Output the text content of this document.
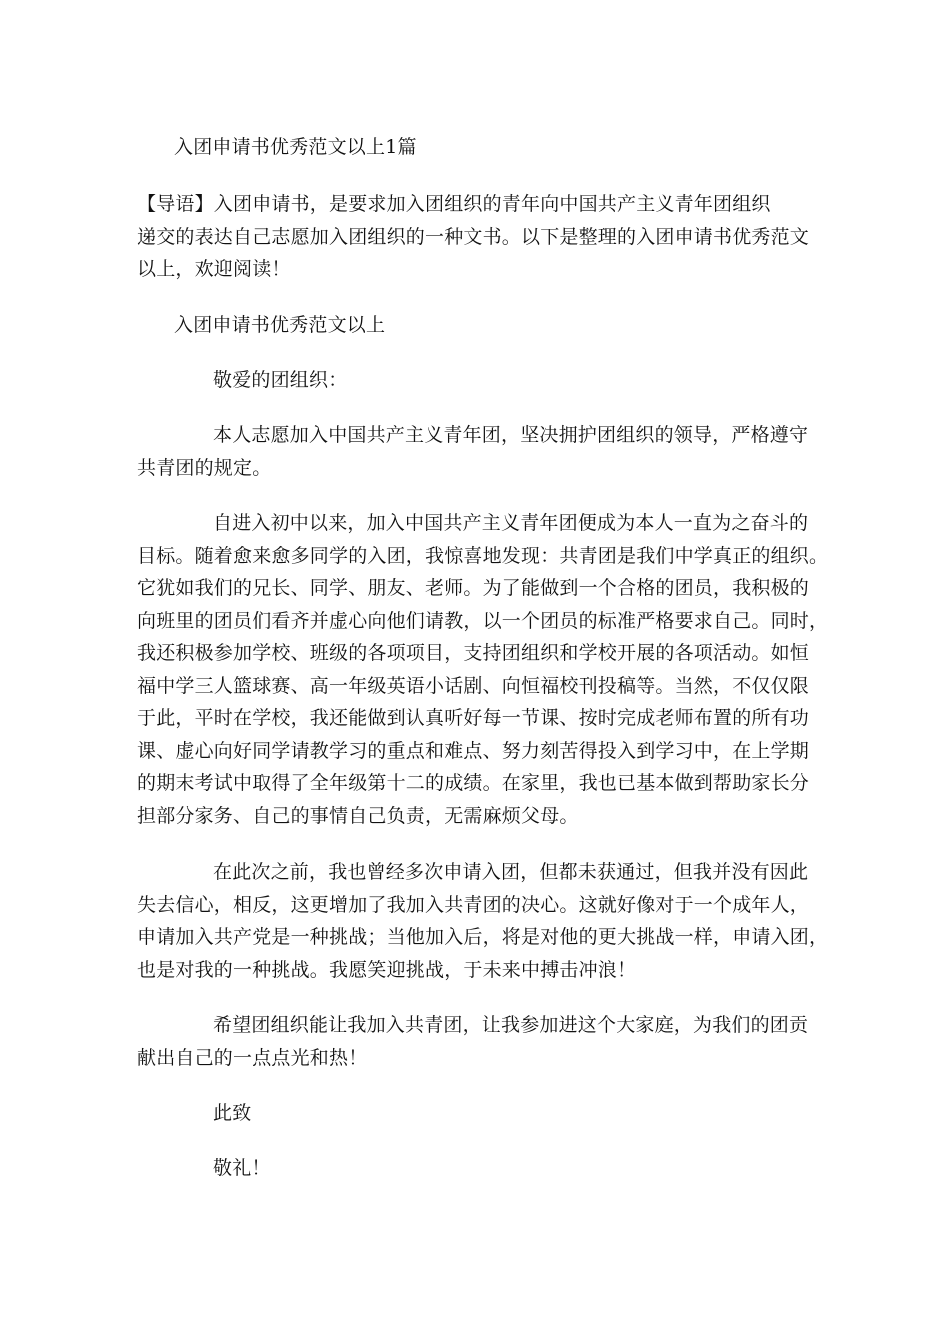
入团申请书优秀范文以上1篇
【导语】入团申请书，是要求加入团组织的青年向中国共产主义青年团组织
递交的表达自己志愿加入团组织的一种文书。以下是整理的入团申请书优秀范文
以上，欢迎阅读！
入团申请书优秀范文以上
敬爱的团组织：
本人志愿加入中国共产主义青年团，坚决拥护团组织的领导，严格遵守
共青团的规定。
自进入初中以来，加入中国共产主义青年团便成为本人一直为之奋斗的
目标。随着愈来愈多同学的入团，我惊喜地发现：共青团是我们中学真正的组织。
它犹如我们的兄长、同学、朋友、老师。为了能做到一个合格的团员，我积极的
向班里的团员们看齐并虚心向他们请教，以一个团员的标准严格要求自己。同时，
我还积极参加学校、班级的各项项目，支持团组织和学校开展的各项活动。如恒
福中学三人篮球赛、高一年级英语小话剧、向恒福校刊投稿等。当然，不仅仅限
于此，平时在学校，我还能做到认真听好每一节课、按时完成老师布置的所有功
课、虚心向好同学请教学习的重点和难点、努力刻苦得投入到学习中，在上学期
的期末考试中取得了全年级第十二的成绩。在家里，我也已基本做到帮助家长分
担部分家务、自己的事情自己负责，无需麻烦父母。
在此次之前，我也曾经多次申请入团，但都未获通过，但我并没有因此
失去信心，相反，这更增加了我加入共青团的决心。这就好像对于一个成年人，
申请加入共产党是一种挑战；当他加入后，将是对他的更大挑战一样，申请入团，
也是对我的一种挑战。我愿笑迎挑战，于未来中搏击冲浪！
希望团组织能让我加入共青团，让我参加进这个大家庭，为我们的团贡
献出自己的一点点光和热！
此致
敬礼！
